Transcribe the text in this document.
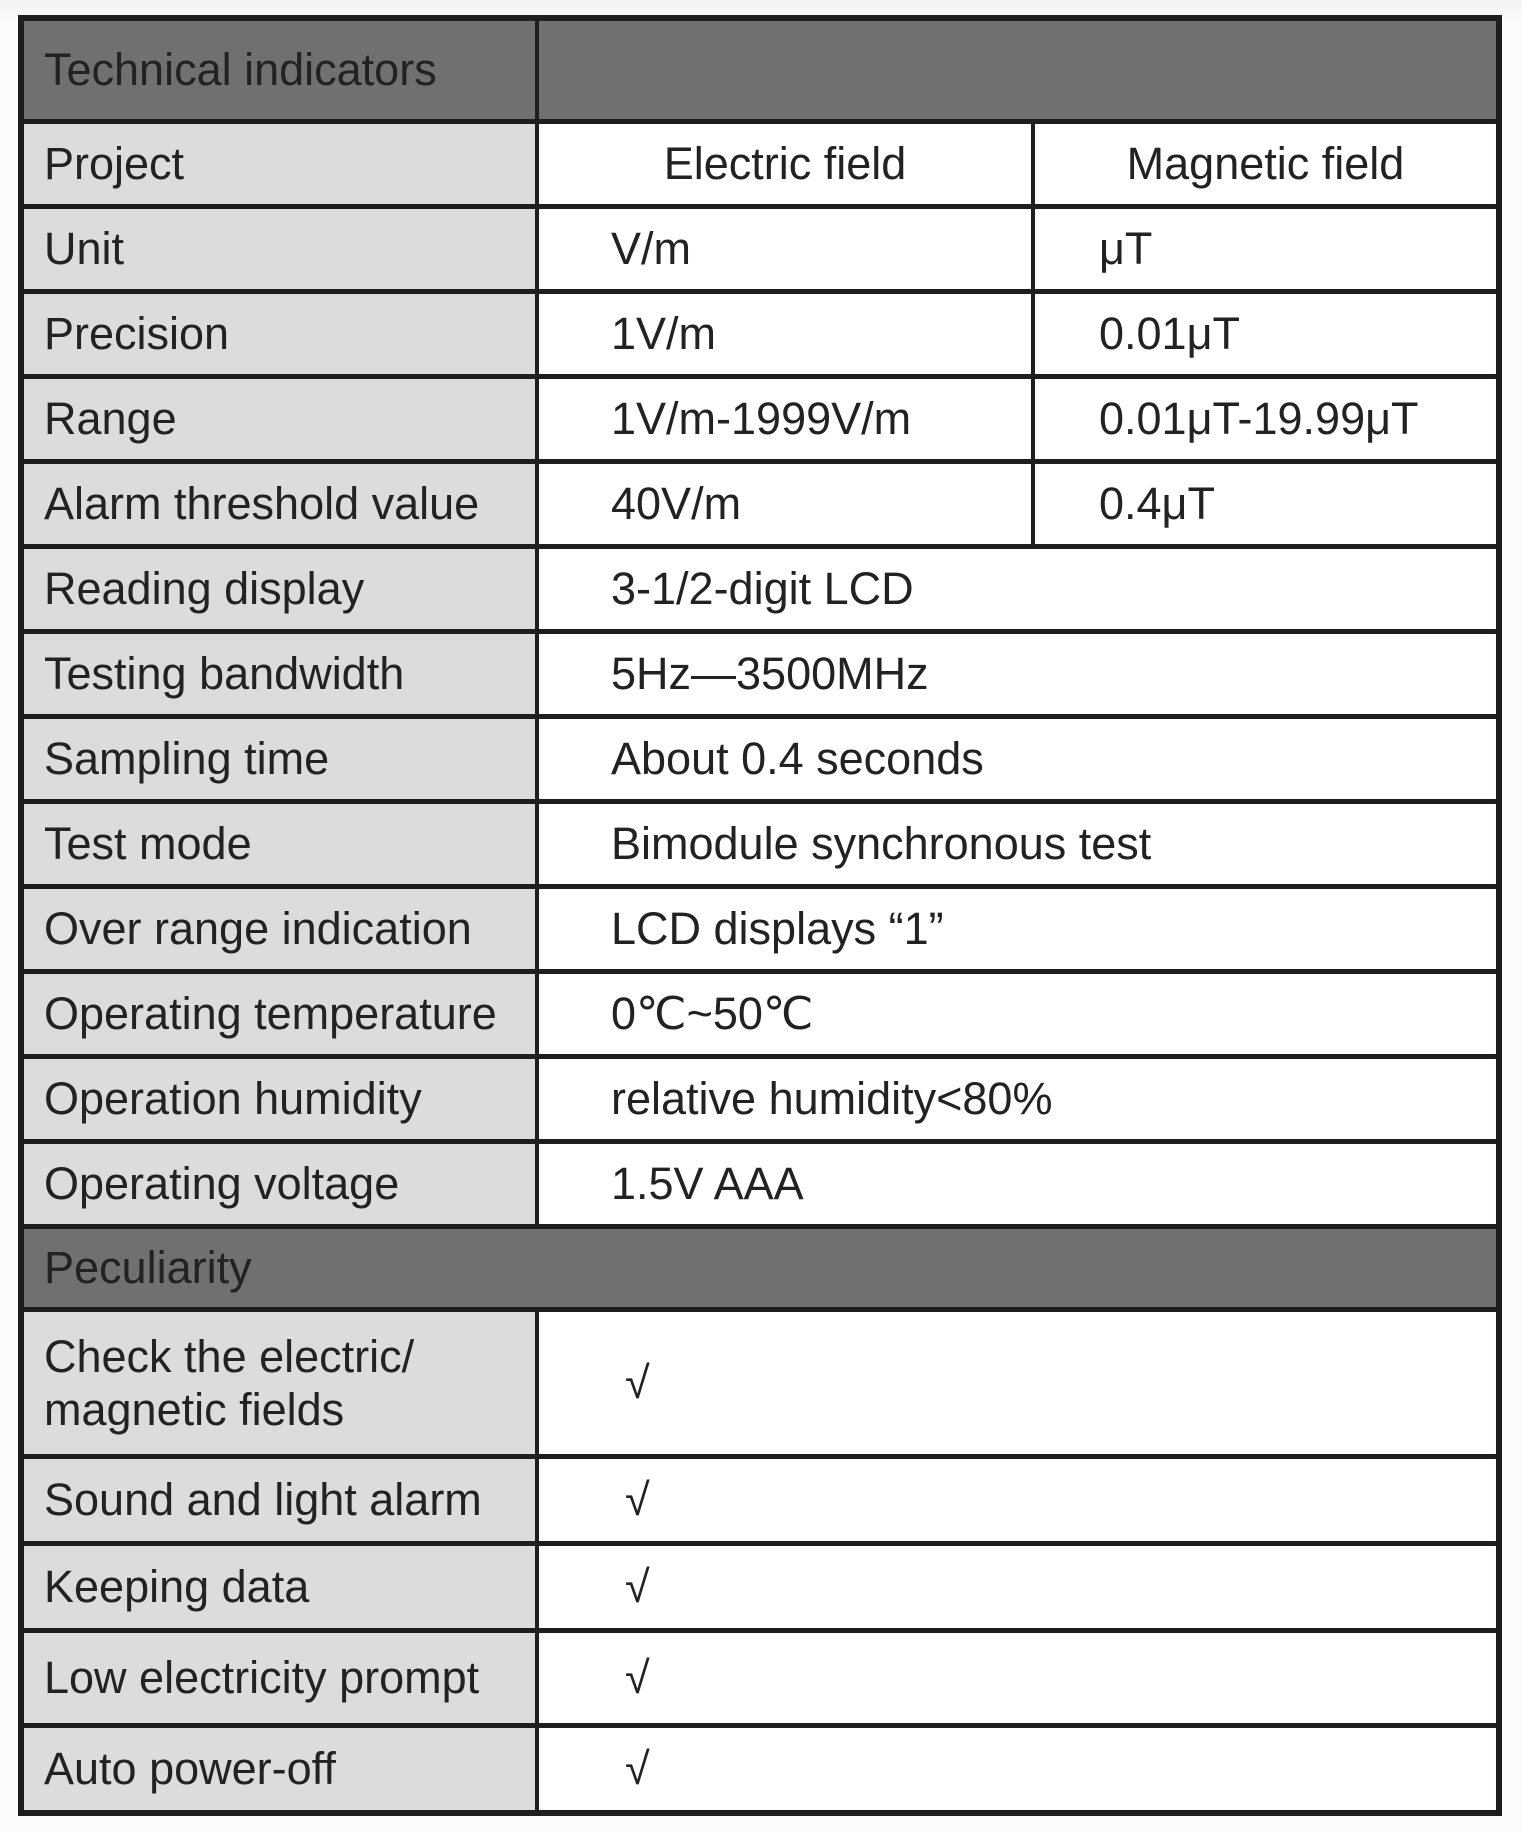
Technical indicators		
Project	Electric field	Magnetic field
Unit	V/m	μT
Precision	1V/m	0.01μT
Range	1V/m-1999V/m	0.01μT-19.99μT
Alarm threshold value	40V/m	0.4μT
Reading display	3-1/2-digit LCD	
Testing bandwidth	5Hz—3500MHz	
Sampling time	About 0.4 seconds	
Test mode	Bimodule synchronous test	
Over range indication	LCD displays “1”	
Operating temperature	0℃~50℃	
Operation humidity	relative humidity<80%	
Operating voltage	1.5V AAA	
Peculiarity		

Check the electric/
magnetic fields	√	
Sound and light alarm	√	
Keeping data	√	
Low electricity prompt	√	
Auto power-off	√	
